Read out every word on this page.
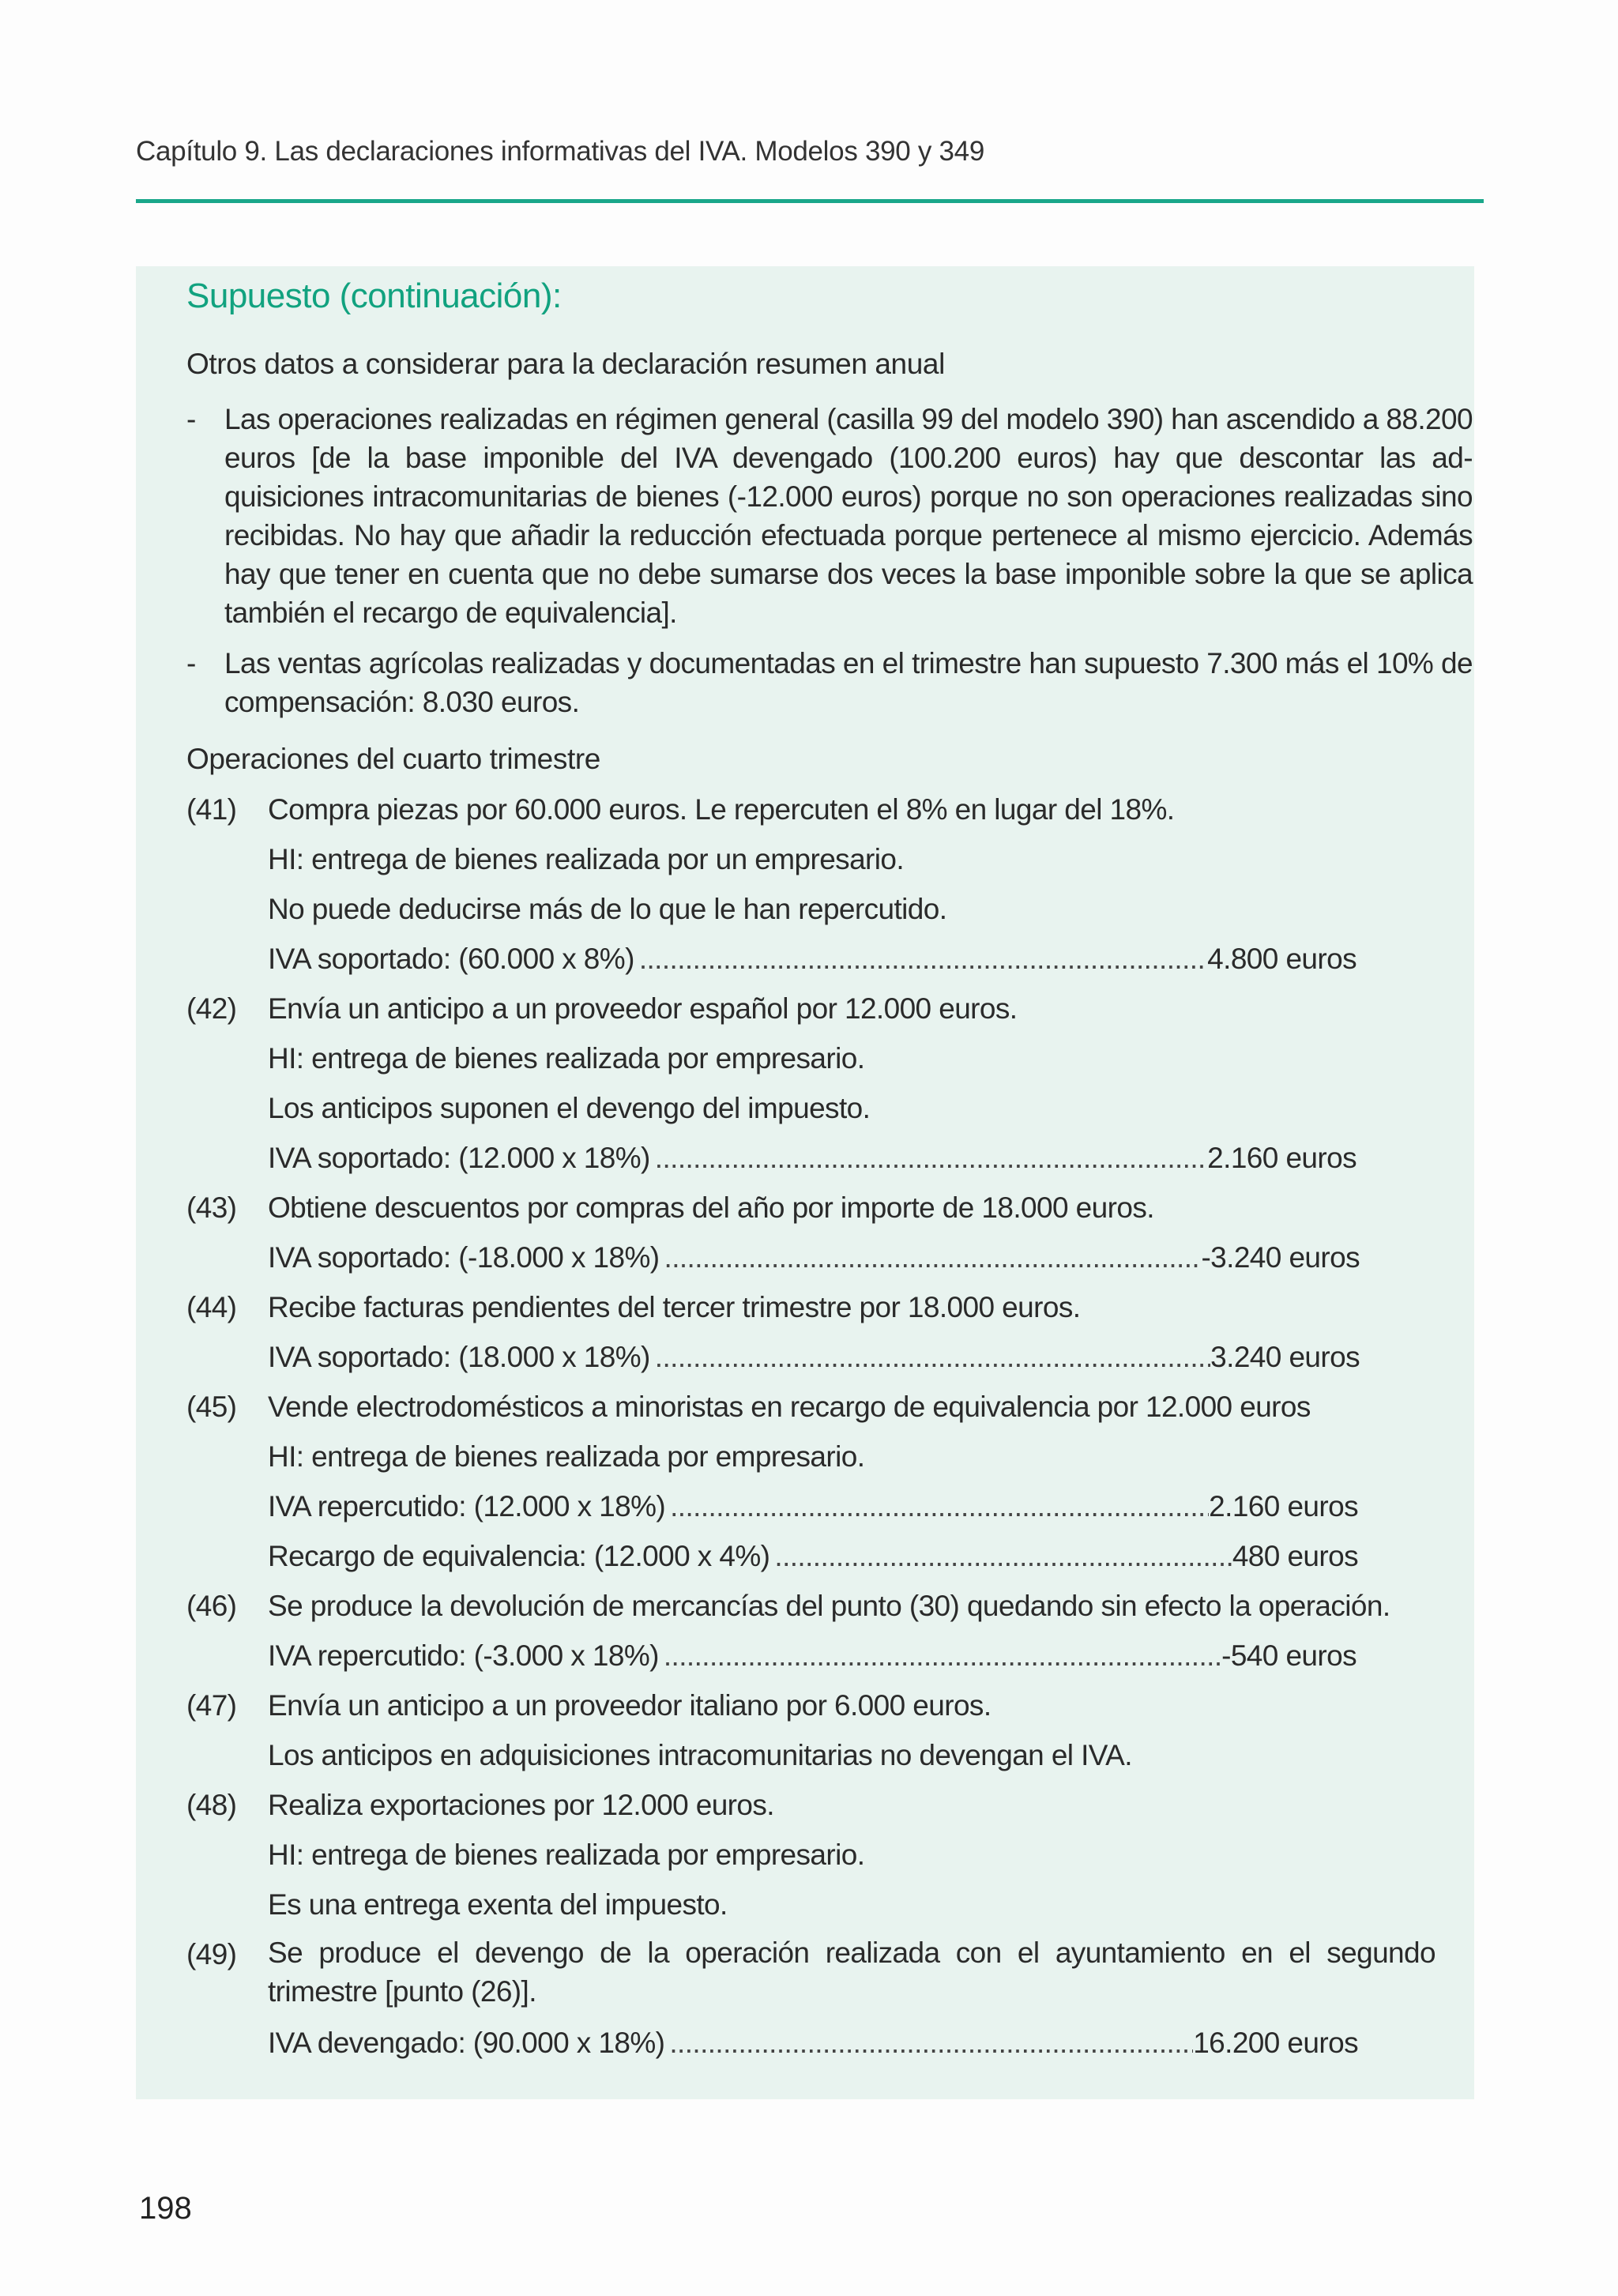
Capítulo 9. Las declaraciones informativas del IVA. Modelos 390 y 349
Supuesto (continuación):
Otros datos a considerar para la declaración resumen anual
- Las operaciones realizadas en régimen general (casilla 99 del modelo 390) han ascendido a 88.200 euros [de la base imponible del IVA devengado (100.200 euros) hay que descontar las ad-quisiciones intracomunitarias de bienes (-12.000 euros) porque no son operaciones realizadas sino recibidas. No hay que añadir la reducción efectuada porque pertenece al mismo ejercicio. Además hay que tener en cuenta que no debe sumarse dos veces la base imponible sobre la que se aplica también el recargo de equivalencia].
- Las ventas agrícolas realizadas y documentadas en el trimestre han supuesto 7.300 más el 10% de compensación: 8.030 euros.
Operaciones del cuarto trimestre
(41) Compra piezas por 60.000 euros. Le repercuten el 8% en lugar del 18%.
HI: entrega de bienes realizada por un empresario.
No puede deducirse más de lo que le han repercutido.
IVA soportado: (60.000 x 8%) .....	4.800 euros
(42) Envía un anticipo a un proveedor español por 12.000 euros.
HI: entrega de bienes realizada por empresario.
Los anticipos suponen el devengo del impuesto.
IVA soportado: (12.000 x 18%) .....	2.160 euros
(43) Obtiene descuentos por compras del año por importe de 18.000 euros.
IVA soportado: (-18.000 x 18%) .....	-3.240 euros
(44) Recibe facturas pendientes del tercer trimestre por 18.000 euros.
IVA soportado: (18.000 x 18%) .....	3.240 euros
(45) Vende electrodomésticos a minoristas en recargo de equivalencia por 12.000 euros
HI: entrega de bienes realizada por empresario.
IVA repercutido: (12.000 x 18%) .....	2.160 euros
Recargo de equivalencia: (12.000 x 4%) .....	480 euros
(46) Se produce la devolución de mercancías del punto (30) quedando sin efecto la operación.
IVA repercutido: (-3.000 x 18%) .....	-540 euros
(47) Envía un anticipo a un proveedor italiano por 6.000 euros.
Los anticipos en adquisiciones intracomunitarias no devengan el IVA.
(48) Realiza exportaciones por 12.000 euros.
HI: entrega de bienes realizada por empresario.
Es una entrega exenta del impuesto.
(49) Se produce el devengo de la operación realizada con el ayuntamiento en el segundo trimestre [punto (26)].
IVA devengado: (90.000 x 18%) .....	16.200 euros
198
